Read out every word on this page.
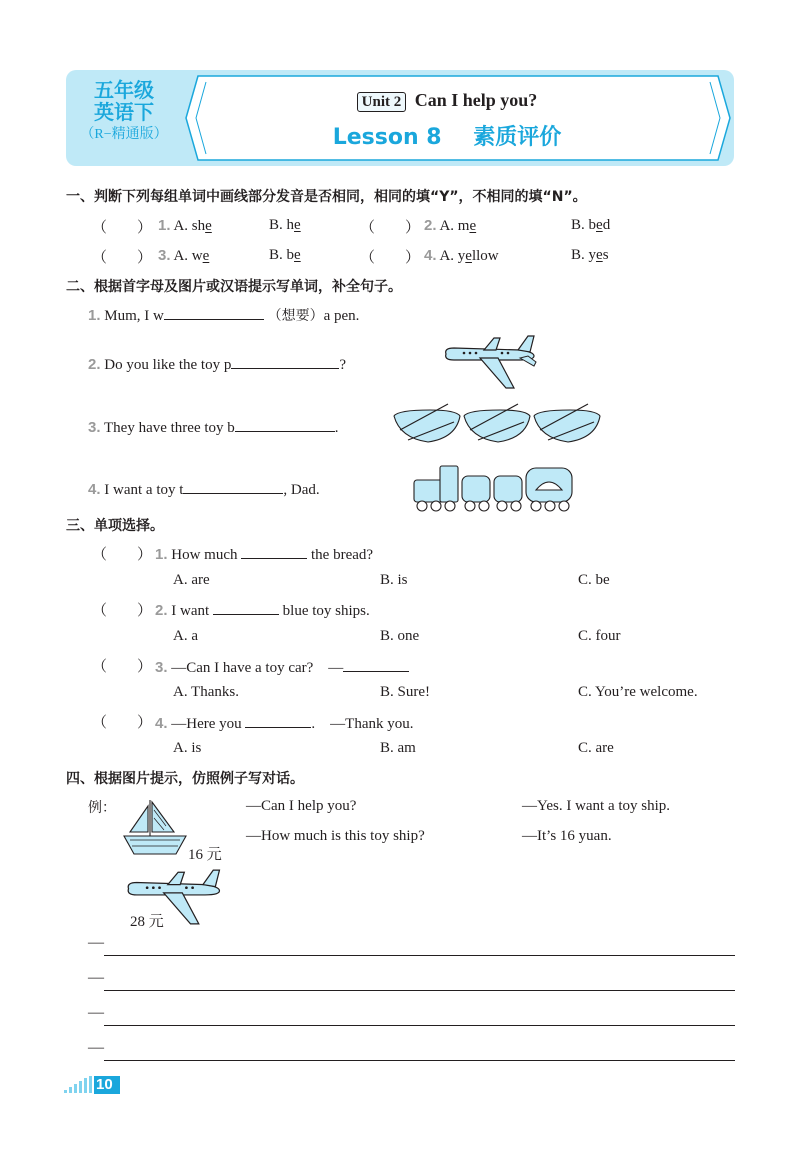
五年级
英语下
（R−精通版）
Unit 2 Can I help you?
Lesson 8 素质评价
一、判断下列每组单词中画线部分发音是否相同，相同的填“Y”，不相同的填“N”。
（　　） 1. A. she	B. he	（　　） 2. A. me	B. bed
（　　） 3. A. we	B. be	（　　） 4. A. yellow	B. yes
二、根据首字母及图片或汉语提示写单词，补全句子。
1. Mum, I w	（想要）a pen.
2. Do you like the toy p	?
3. They have three toy b	.
4. I want a toy t	, Dad.
三、单项选择。
（　　） 1. How much	the bread?
A. are	B. is	C. be
（　　） 2. I want	blue toy ships.
A. a	B. one	C. four
（　　） 3. —Can I have a toy car?　—
A. Thanks.	B. Sure!	C. You’re welcome.
（　　） 4. —Here you	.　—Thank you.
A. is	B. am	C. are
四、根据图片提示，仿照例子写对话。
例：
16 元
28 元
—Can I help you?	—Yes. I want a toy ship.
—How much is this toy ship?	—It’s 16 yuan.
—
—
—
—
10
